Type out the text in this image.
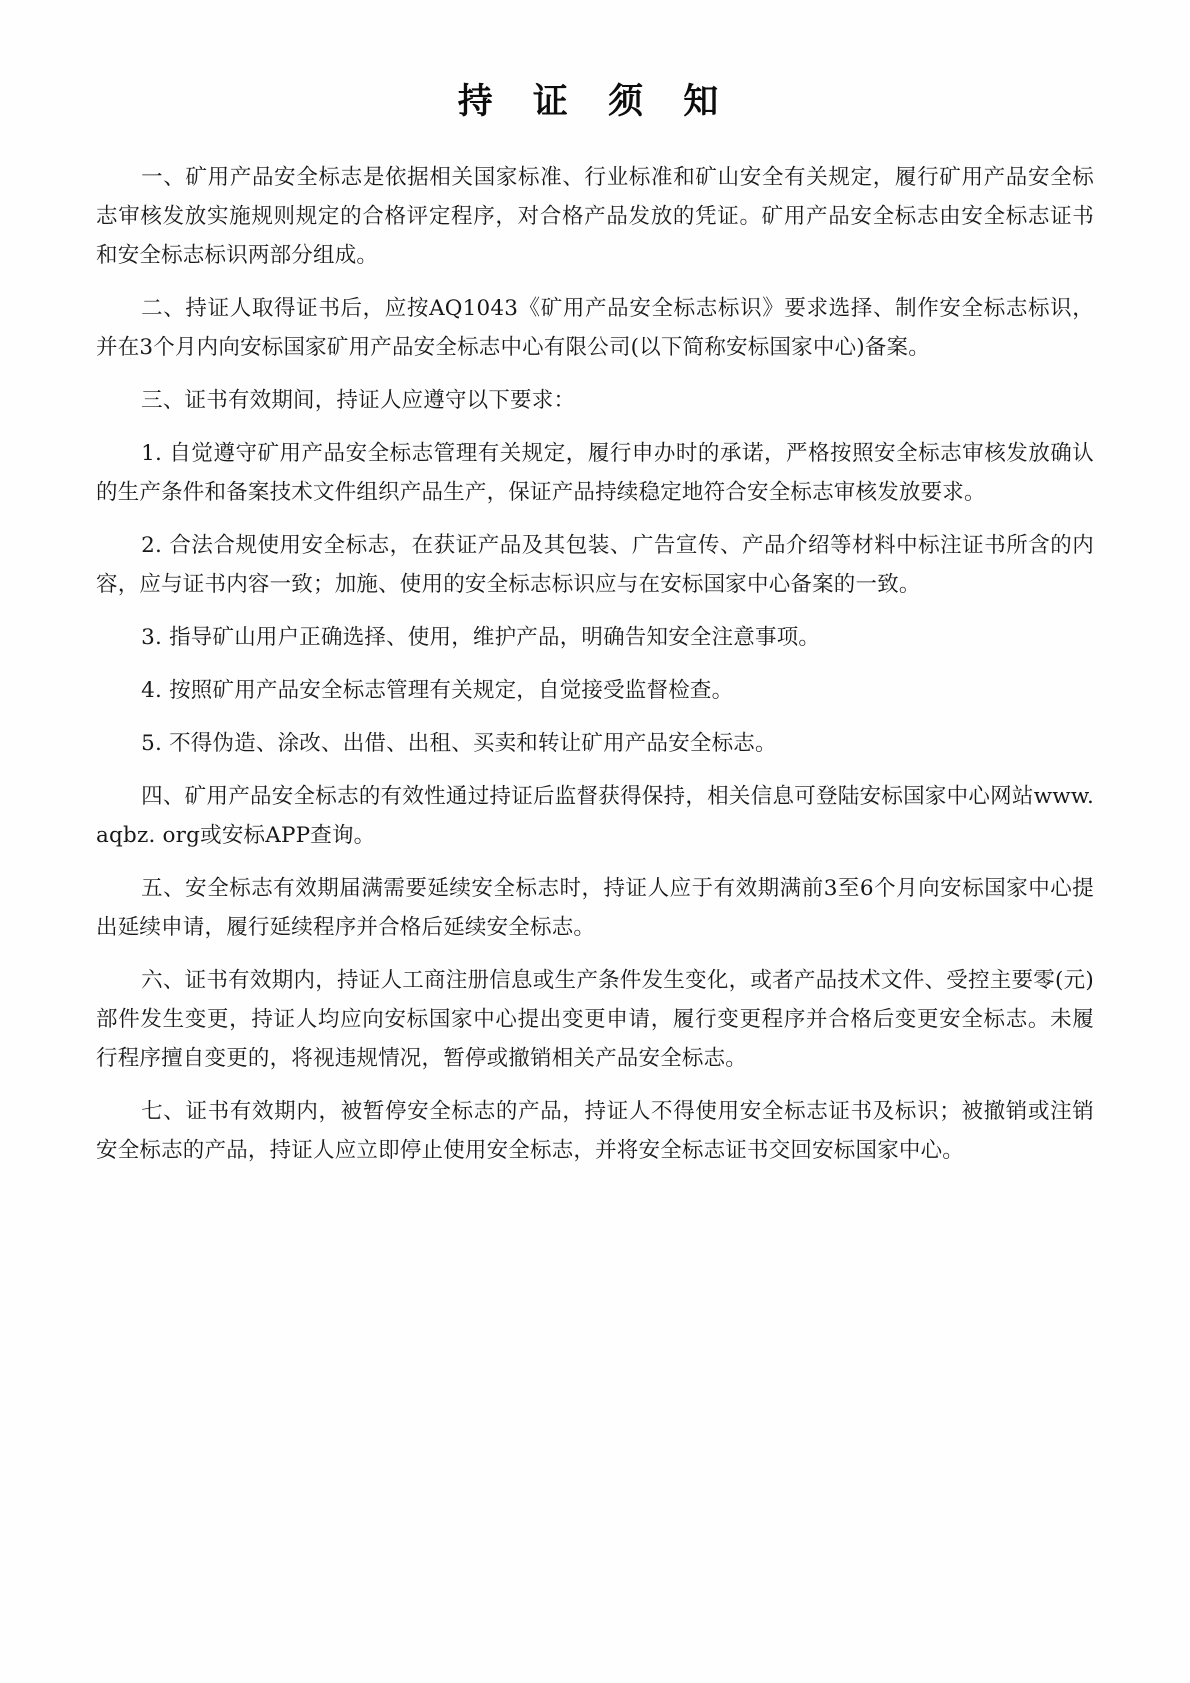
持 证 须 知

一、矿用产品安全标志是依据相关国家标准、行业标准和矿山安全有关规定，履行矿用产品安全标志审核发放实施规则规定的合格评定程序，对合格产品发放的凭证。矿用产品安全标志由安全标志证书和安全标志标识两部分组成。

二、持证人取得证书后，应按AQ1043《矿用产品安全标志标识》要求选择、制作安全标志标识，并在3个月内向安标国家矿用产品安全标志中心有限公司(以下简称安标国家中心)备案。

三、证书有效期间，持证人应遵守以下要求：

1. 自觉遵守矿用产品安全标志管理有关规定，履行申办时的承诺，严格按照安全标志审核发放确认的生产条件和备案技术文件组织产品生产，保证产品持续稳定地符合安全标志审核发放要求。

2. 合法合规使用安全标志，在获证产品及其包装、广告宣传、产品介绍等材料中标注证书所含的内容，应与证书内容一致；加施、使用的安全标志标识应与在安标国家中心备案的一致。

3. 指导矿山用户正确选择、使用，维护产品，明确告知安全注意事项。

4. 按照矿用产品安全标志管理有关规定，自觉接受监督检查。

5. 不得伪造、涂改、出借、出租、买卖和转让矿用产品安全标志。

四、矿用产品安全标志的有效性通过持证后监督获得保持，相关信息可登陆安标国家中心网站www. aqbz. org或安标APP查询。

五、安全标志有效期届满需要延续安全标志时，持证人应于有效期满前3至6个月向安标国家中心提出延续申请，履行延续程序并合格后延续安全标志。

六、证书有效期内，持证人工商注册信息或生产条件发生变化，或者产品技术文件、受控主要零(元)部件发生变更，持证人均应向安标国家中心提出变更申请，履行变更程序并合格后变更安全标志。未履行程序擅自变更的，将视违规情况，暂停或撤销相关产品安全标志。

七、证书有效期内，被暂停安全标志的产品，持证人不得使用安全标志证书及标识；被撤销或注销安全标志的产品，持证人应立即停止使用安全标志，并将安全标志证书交回安标国家中心。
